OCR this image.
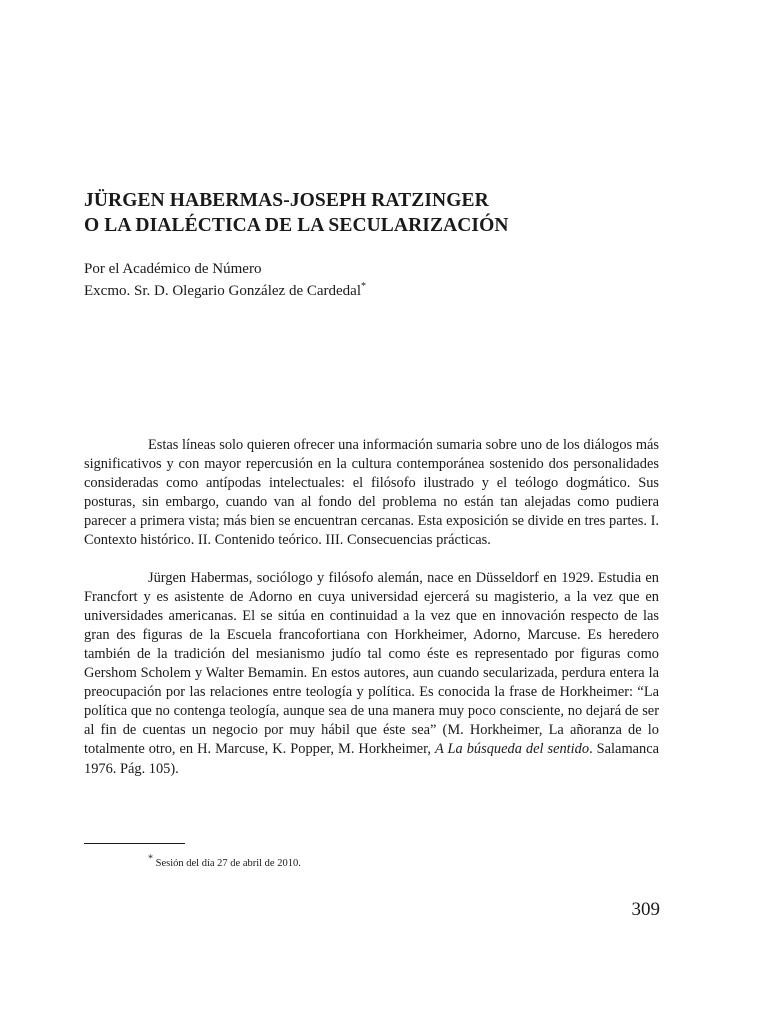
JÜRGEN HABERMAS-JOSEPH RATZINGER
O LA DIALÉCTICA DE LA SECULARIZACIÓN
Por el Académico de Número
Excmo. Sr. D. Olegario González de Cardedal*

Estas líneas solo quieren ofrecer una información sumaria sobre uno de los diálogos más significativos y con mayor repercusión en la cultura contemporánea sostenido dos personalidades consideradas como antípodas intelectuales: el filósofo ilustrado y el teólogo dogmático. Sus posturas, sin embargo, cuando van al fondo del problema no están tan alejadas como pudiera parecer a primera vista; más bien se encuentran cercanas. Esta exposición se divide en tres partes. I. Contexto histórico. II. Contenido teórico. III. Consecuencias prácticas.

Jürgen Habermas, sociólogo y filósofo alemán, nace en Düsseldorf en 1929. Estudia en Francfort y es asistente de Adorno en cuya universidad ejercerá su magisterio, a la vez que en universidades americanas. El se sitúa en continuidad a la vez que en innovación respecto de las gran des figuras de la Escuela francofortiana con Horkheimer, Adorno, Marcuse. Es heredero también de la tradición del mesianismo judío tal como éste es representado por figuras como Gershom Scholem y Walter Bemamin. En estos autores, aun cuando secularizada, perdura entera la preocupación por las relaciones entre teología y política. Es conocida la frase de Horkheimer: “La política que no contenga teología, aunque sea de una manera muy poco consciente, no dejará de ser al fin de cuentas un negocio por muy hábil que éste sea” (M. Horkheimer, La añoranza de lo totalmente otro, en H. Marcuse, K. Popper, M. Horkheimer, A La búsqueda del sentido. Salamanca 1976. Pág. 105).

* Sesión del día 27 de abril de 2010.
309
